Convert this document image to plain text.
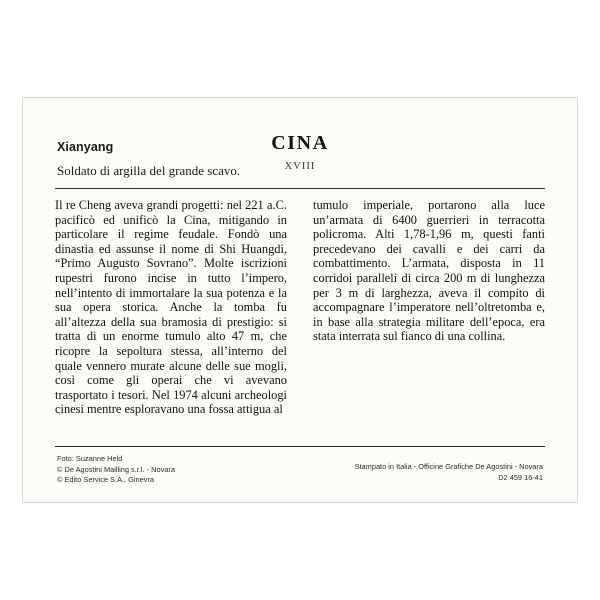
Xianyang
Soldato di argilla del grande scavo.
CINA
XVIII
Il re Cheng aveva grandi progetti: nel 221 a.C. pacificò ed unificò la Cina, mitigando in particolare il regime feudale. Fondò una dinastia ed assunse il nome di Shi Huangdi, “Primo Augusto Sovrano”. Molte iscrizioni rupestri furono incise in tutto l’impero, nell’intento di immortalare la sua potenza e la sua opera storica. Anche la tomba fu all’altezza della sua bramosia di prestigio: si tratta di un enorme tumulo alto 47 m, che ricopre la sepoltura stessa, all’interno del quale vennero murate alcune delle sue mogli, così come gli operai che vi avevano trasportato i tesori. Nel 1974 alcuni archeologi cinesi mentre esploravano una fossa attigua al
tumulo imperiale, portarono alla luce un’armata di 6400 guerrieri in terracotta policroma. Alti 1,78-1,96 m, questi fanti precedevano dei cavalli e dei carri da combattimento. L’armata, disposta in 11 corridoi paralleli di circa 200 m di lunghezza per 3 m di larghezza, aveva il compito di accompagnare l’imperatore nell’oltretomba e, in base alla strategia militare dell’epoca, era stata interrata sul fianco di una collina.
Foto: Suzanne Held
© De Agostini Mailling s.r.l. - Novara
© Edito Service S.A., Ginevra
Stampato in Italia - Officine Grafiche De Agostini - Novara
D2 459 16-41
